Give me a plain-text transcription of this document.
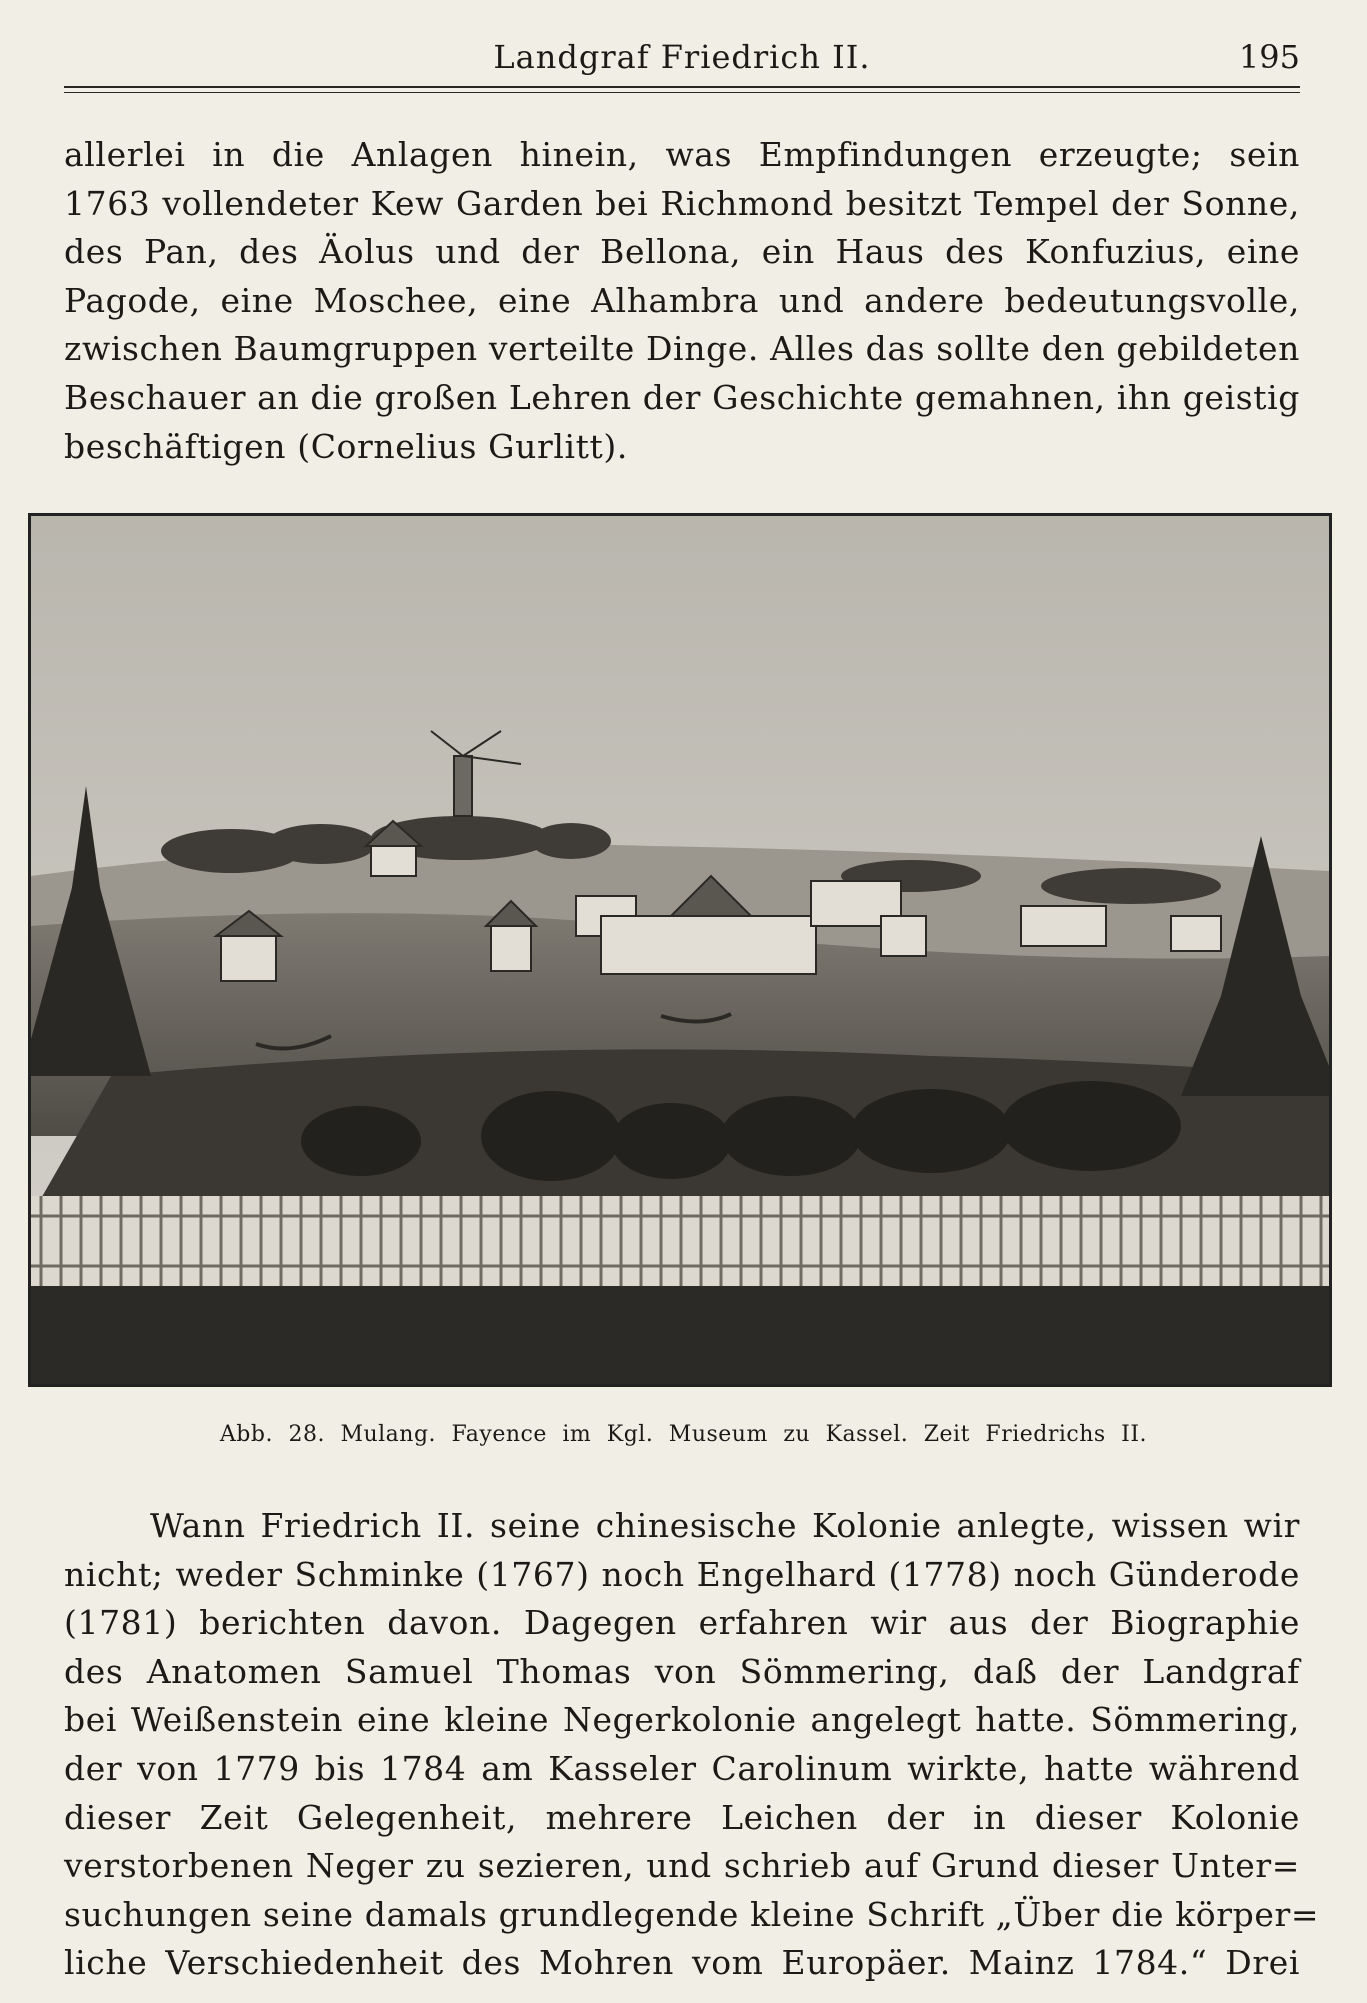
Landgraf Friedrich II.	195
allerlei in die Anlagen hinein, was Empfindungen erzeugte; sein
1763 vollendeter Kew Garden bei Richmond besitzt Tempel der Sonne,
des Pan, des Äolus und der Bellona, ein Haus des Konfuzius, eine
Pagode, eine Moschee, eine Alhambra und andere bedeutungsvolle,
zwischen Baumgruppen verteilte Dinge. Alles das sollte den gebildeten
Beschauer an die großen Lehren der Geschichte gemahnen, ihn geistig
beschäftigen (Cornelius Gurlitt).
Abb. 28. Mulang. Fayence im Kgl. Museum zu Kassel. Zeit Friedrichs II.
Wann Friedrich II. seine chinesische Kolonie anlegte, wissen wir
nicht; weder Schminke (1767) noch Engelhard (1778) noch Günderode
(1781) berichten davon. Dagegen erfahren wir aus der Biographie
des Anatomen Samuel Thomas von Sömmering, daß der Landgraf
bei Weißenstein eine kleine Negerkolonie angelegt hatte. Sömmering,
der von 1779 bis 1784 am Kasseler Carolinum wirkte, hatte während
dieser Zeit Gelegenheit, mehrere Leichen der in dieser Kolonie
verstorbenen Neger zu sezieren, und schrieb auf Grund dieser Unter=
suchungen seine damals grundlegende kleine Schrift „Über die körper=
liche Verschiedenheit des Mohren vom Europäer. Mainz 1784.“ Drei
